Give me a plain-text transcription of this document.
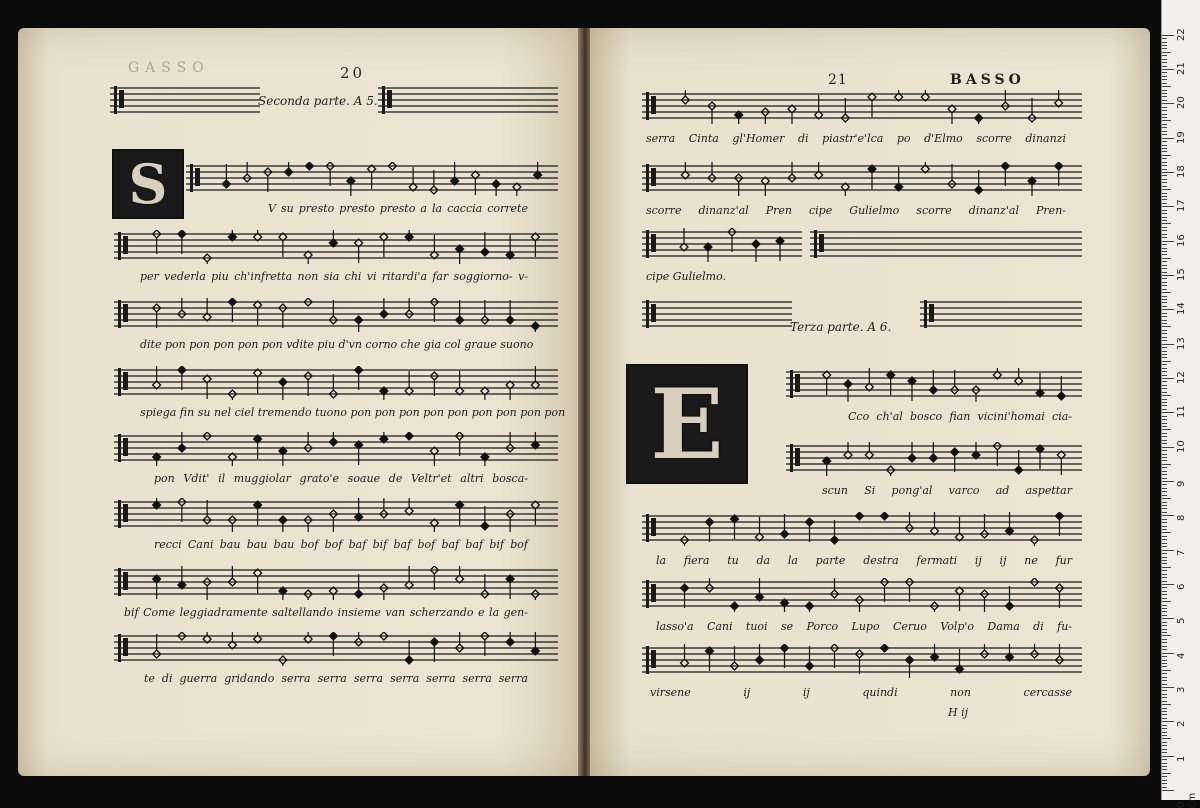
GASSO	20
Seconda parte. A 5.
S	V su presto presto presto a la caccia correte
per vederla piu ch'infretta non sia chi vi ritardi'a far soggiorno- v-
dite pon pon pon pon pon vdite piu d'vn corno che gia col graue suono
spiega fin su nel ciel tremendo tuono pon pon pon pon pon pon pon pon pon
pon Vdit' il muggiolar grato'e soaue de Veltr'et altri bosca-
recci Cani bau bau bau bof bof baf bif baf bof baf baf bif bof
bif Come leggiadramente saltellando insieme van scherzando e la gen-
te di guerra gridando serra serra serra serra serra serra serra
21	BASSO
Terza parte. A 6.
E
H ij
serra Cinta gl'Homer di piastr'e'lca po d'Elmo scorre dinanzi
scorre dinanz'al Pren cipe Gulielmo scorre dinanz'al Pren-
cipe Gulielmo.
Cco ch'al bosco fian vicini'homai cia-
scun Si pong'al varco ad aspettar
la fiera tu da la parte destra fermati ij ij ne fur
lasso'a Cani tuoi se Porco Lupo Ceruo Volp'o Dama di fu-
virsene ij ij quindi non cercasse
0 cm
1
2
3
4
5
6
7
8
9
10
11
12
13
14
15
16
17
18
19
20
21
22
